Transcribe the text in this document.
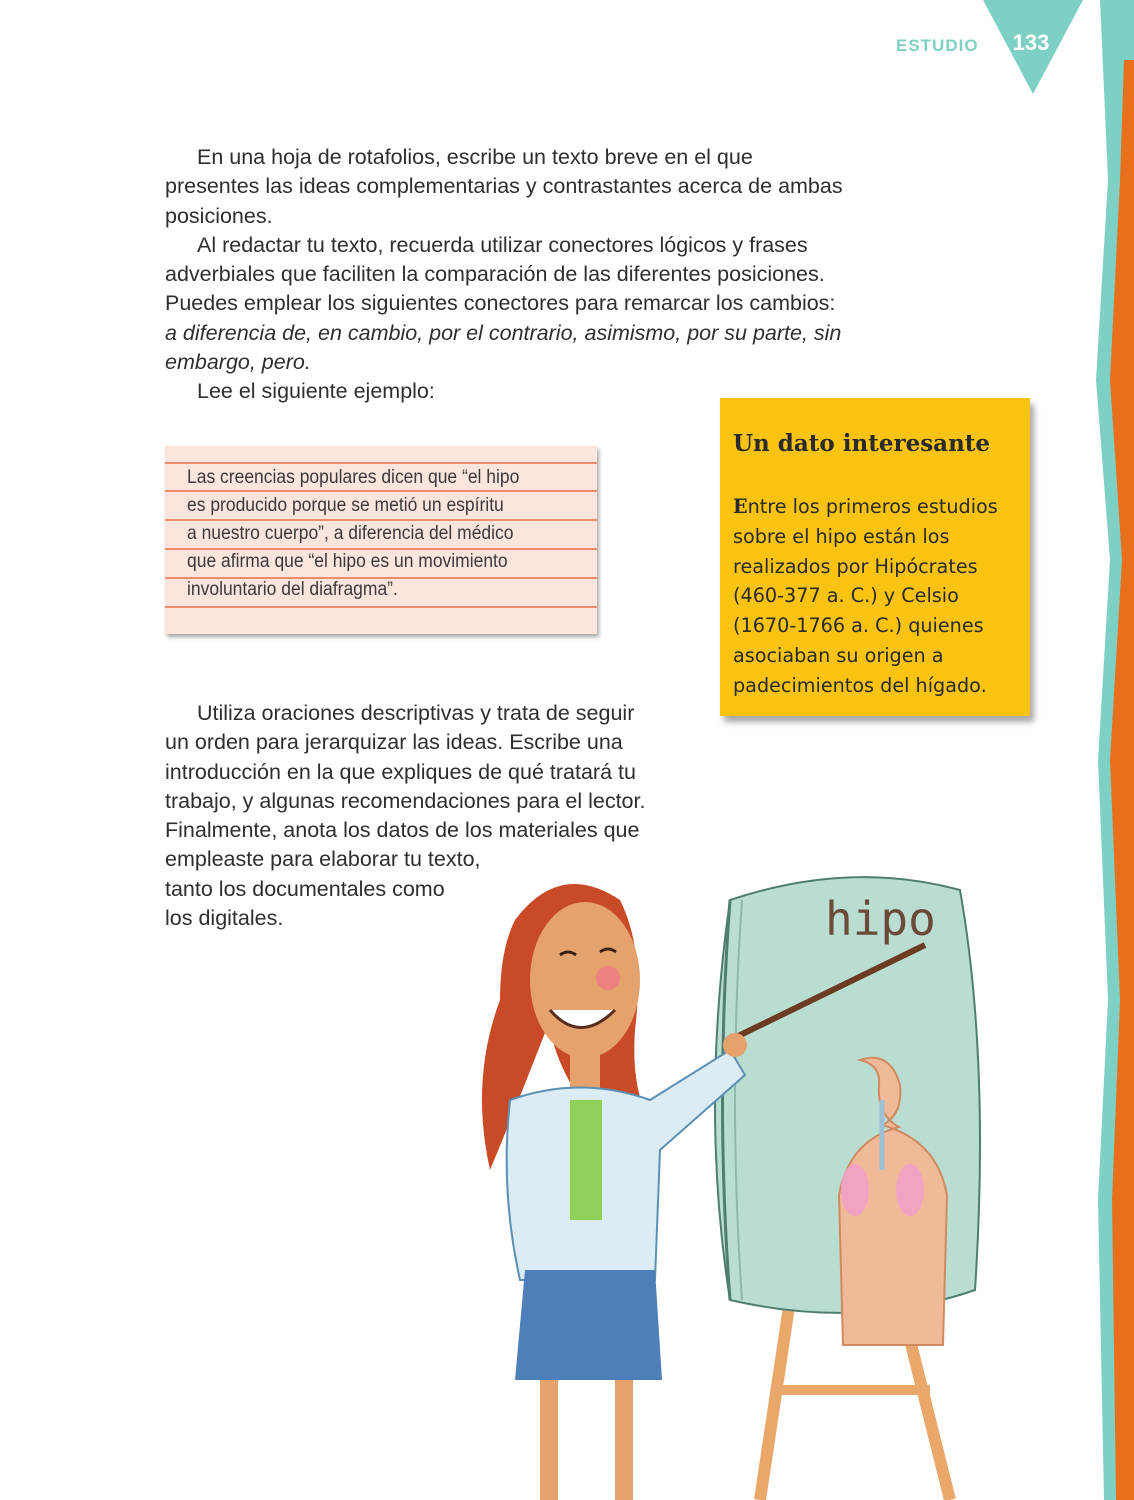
ESTUDIO 133

En una hoja de rotafolios, escribe un texto breve en el que presentes las ideas complementarias y contrastantes acerca de ambas posiciones.

Al redactar tu texto, recuerda utilizar conectores lógicos y frases adverbiales que faciliten la comparación de las diferentes posiciones. Puedes emplear los siguientes conectores para remarcar los cambios: a diferencia de, en cambio, por el contrario, asimismo, por su parte, sin embargo, pero.

Lee el siguiente ejemplo:

Las creencias populares dicen que “el hipo
es producido porque se metió un espíritu
a nuestro cuerpo”, a diferencia del médico
que afirma que “el hipo es un movimiento
involuntario del diafragma”.
Un dato interesante
Entre los primeros estudios sobre el hipo están los realizados por Hipócrates (460-377 a. C.) y Celsio (1670-1766 a. C.) quienes asociaban su origen a padecimientos del hígado.
Utiliza oraciones descriptivas y trata de seguir
un orden para jerarquizar las ideas. Escribe una
introducción en la que expliques de qué tratará tu
trabajo, y algunas recomendaciones para el lector.
Finalmente, anota los datos de los materiales que
empleaste para elaborar tu texto,
tanto los documentales como
los digitales.	hipo
